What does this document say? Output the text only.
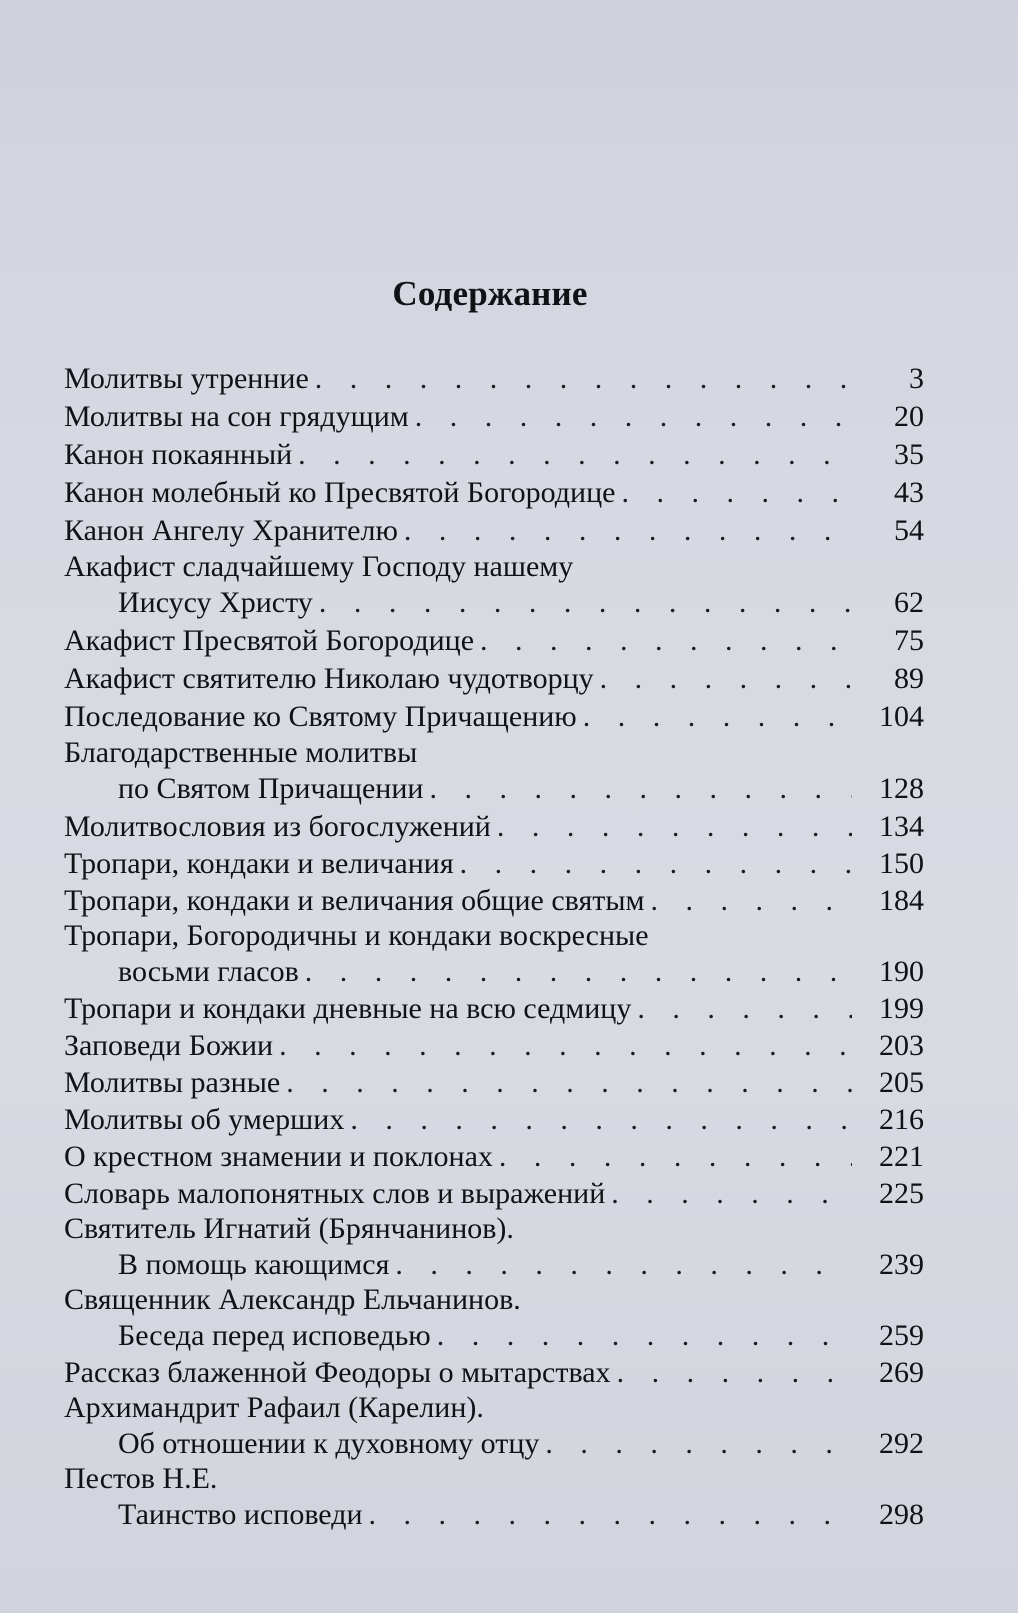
Содержание
Молитвы утренние . . .	3
Молитвы на сон грядущим . . .	20
Канон покаянный . . .	35
Канон молебный ко Пресвятой Богородице . . .	43
Канон Ангелу Хранителю . . .	54
Акафист сладчайшему Господу нашему
Иисусу Христу . . .	62
Акафист Пресвятой Богородице . . .	75
Акафист святителю Николаю чудотворцу . . .	89
Последование ко Святому Причащению . . .	104
Благодарственные молитвы
по Святом Причащении . . .	128
Молитвословия из богослужений . . .	134
Тропари, кондаки и величания . . .	150
Тропари, кондаки и величания общие святым . . .	184
Тропари, Богородичны и кондаки воскресные
восьми гласов . . .	190
Тропари и кондаки дневные на всю седмицу . . .	199
Заповеди Божии . . .	203
Молитвы разные . . .	205
Молитвы об умерших . . .	216
О крестном знамении и поклонах . . .	221
Словарь малопонятных слов и выражений . . .	225
Святитель Игнатий (Брянчанинов).
В помощь кающимся . . .	239
Священник Александр Ельчанинов.
Беседа перед исповедью . . .	259
Рассказ блаженной Феодоры о мытарствах . . .	269
Архимандрит Рафаил (Карелин).
Об отношении к духовному отцу . . .	292
Пестов Н.Е.
Таинство исповеди . . .	298
